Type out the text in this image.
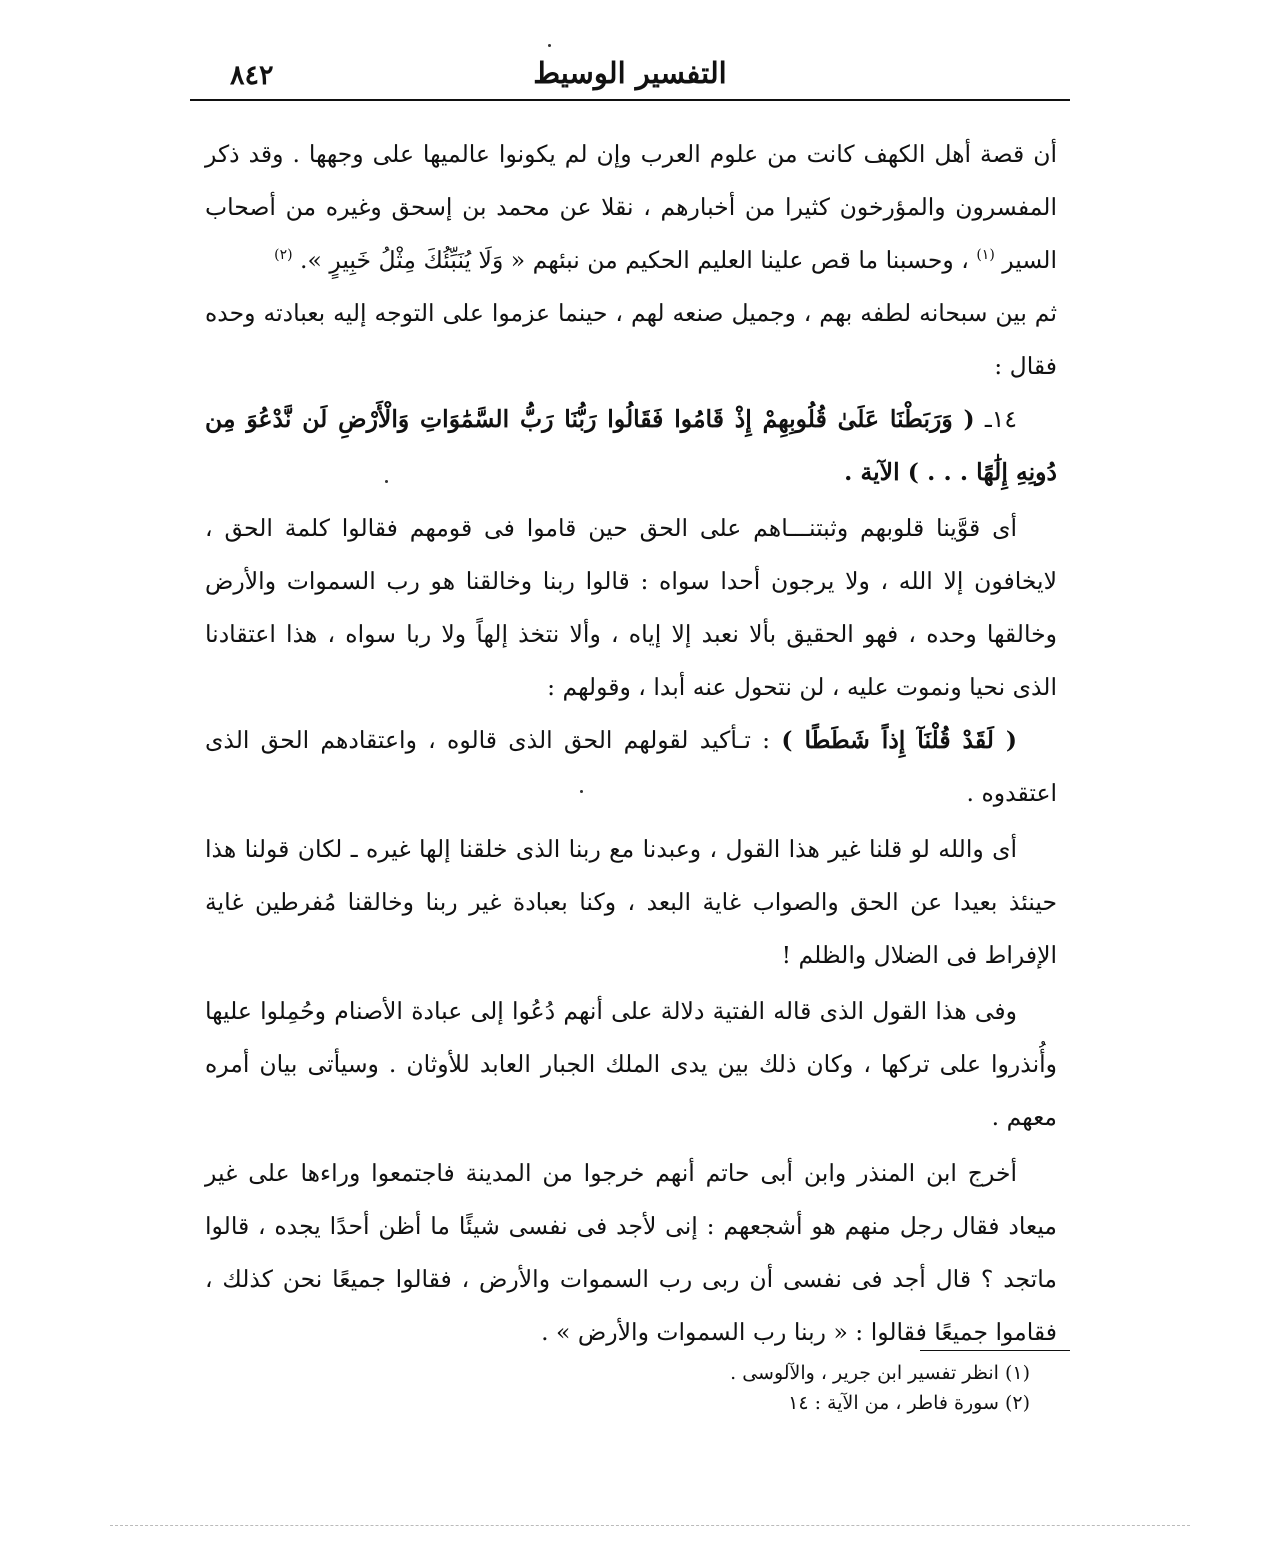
التفسير الوسيط
٨٤٢

أن قصة أهل الكهف كانت من علوم العرب وإن لم يكونوا عالميها على وجهها . وقد ذكر المفسرون والمؤرخون كثيرا من أخبارهم ، نقلا عن محمد بن إسحق وغيره من أصحاب السير $^{(١)}$ ، وحسبنا ما قص علينا العليم الحكيم من نبئهم « وَلَا يُنَبِّئُكَ مِثْلُ خَبِيرٍ ». $^{(٢)}$

ثم بين سبحانه لطفه بهم ، وجميل صنعه لهم ، حينما عزموا على التوجه إليه بعبادته وحده فقال :

١٤ـ ( وَرَبَطْنَا عَلَىٰ قُلُوبِهِمْ إِذْ قَامُوا فَقَالُوا رَبُّنَا رَبُّ السَّمَٰوَاتِ وَالْأَرْضِ لَن نَّدْعُوَ مِن دُونِهِ إِلَٰهًا . . . ) الآية .

أى قوَّينا قلوبهم وثبتنـــاهم على الحق حين قاموا فى قومهم فقالوا كلمة الحق ، لايخافون إلا الله ، ولا يرجون أحدا سواه : قالوا ربنا وخالقنا هو رب السموات والأرض وخالقها وحده ، فهو الحقيق بألا نعبد إلا إياه ، وألا نتخذ إلهاً ولا ربا سواه ، هذا اعتقادنا الذى نحيا ونموت عليه ، لن نتحول عنه أبدا ، وقولهم :

( لَقَدْ قُلْنَآ إِذاً شَطَطًا ) : تـأكيد لقولهم الحق الذى قالوه ، واعتقادهم الحق الذى اعتقدوه .

أى والله لو قلنا غير هذا القول ، وعبدنا مع ربنا الذى خلقنا إلها غيره ـ لكان قولنا هذا حينئذ بعيدا عن الحق والصواب غاية البعد ، وكنا بعبادة غير ربنا وخالقنا مُفرطين غاية الإفراط فى الضلال والظلم !

وفى هذا القول الذى قاله الفتية دلالة على أنهم دُعُوا إلى عبادة الأصنام وحُمِلوا عليها وأُنذروا على تركها ، وكان ذلك بين يدى الملك الجبار العابد للأوثان . وسيأتى بيان أمره معهم .

أخرج ابن المنذر وابن أبى حاتم أنهم خرجوا من المدينة فاجتمعوا وراءها على غير ميعاد فقال رجل منهم هو أشجعهم : إنى لأجد فى نفسى شيئًا ما أظن أحدًا يجده ، قالوا ماتجد ؟ قال أجد فى نفسى أن ربى رب السموات والأرض ، فقالوا جميعًا نحن كذلك ، فقاموا جميعًا فقالوا : « ربنا رب السموات والأرض » .

(١) انظر تفسير ابن جرير ، والآلوسى .
(٢) سورة فاطر ، من الآية : ١٤
